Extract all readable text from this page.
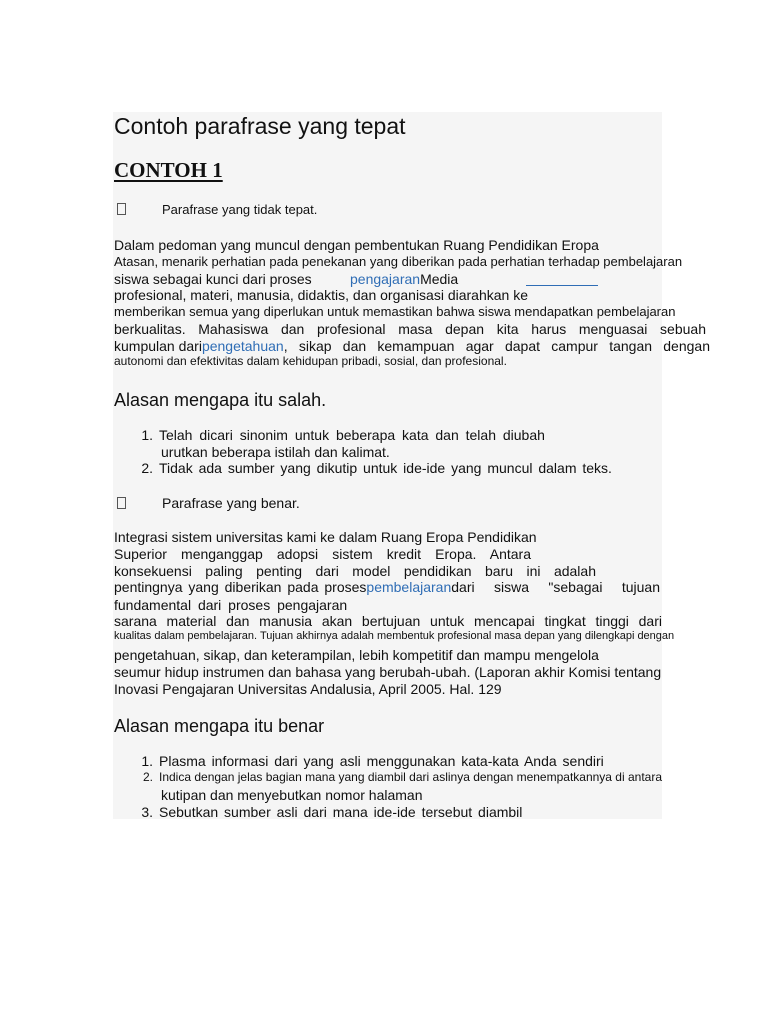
Contoh parafrase yang tepat
CONTOH 1
Parafrase yang tidak tepat.
Dalam pedoman yang muncul dengan pembentukan Ruang Pendidikan Eropa
Atasan, menarik perhatian pada penekanan yang diberikan pada perhatian terhadap pembelajaran
siswa sebagai kunci dari proses	pengajaranMedia
profesional, materi, manusia, didaktis, dan organisasi diarahkan ke
memberikan semua yang diperlukan untuk memastikan bahwa siswa mendapatkan pembelajaran
berkualitas. Mahasiswa dan profesional masa depan kita harus menguasai sebuah
kumpulan dari pengetahuan , sikap dan kemampuan agar dapat campur tangan dengan
autonomi dan efektivitas dalam kehidupan pribadi, sosial, dan profesional.
Alasan mengapa itu salah.
1. Telah dicari sinonim untuk beberapa kata dan telah diubah
urutkan beberapa istilah dan kalimat.
2. Tidak ada sumber yang dikutip untuk ide-ide yang muncul dalam teks.
Parafrase yang benar.
Integrasi sistem universitas kami ke dalam Ruang Eropa Pendidikan
Superior menganggap adopsi sistem kredit Eropa. Antara
konsekuensi paling penting dari model pendidikan baru ini adalah
pentingnya yang diberikan pada proses pembelajaran dari siswa "sebagai tujuan
fundamental dari proses pengajaran
sarana material dan manusia akan bertujuan untuk mencapai tingkat tinggi dari
kualitas dalam pembelajaran. Tujuan akhirnya adalah membentuk profesional masa depan yang dilengkapi dengan
pengetahuan, sikap, dan keterampilan, lebih kompetitif dan mampu mengelola
seumur hidup instrumen dan bahasa yang berubah-ubah. (Laporan akhir Komisi tentang
Inovasi Pengajaran Universitas Andalusia, April 2005. Hal. 129
Alasan mengapa itu benar
1. Plasma informasi dari yang asli menggunakan kata-kata Anda sendiri
2. Indica dengan jelas bagian mana yang diambil dari aslinya dengan menempatkannya di antara
kutipan dan menyebutkan nomor halaman
3. Sebutkan sumber asli dari mana ide-ide tersebut diambil
